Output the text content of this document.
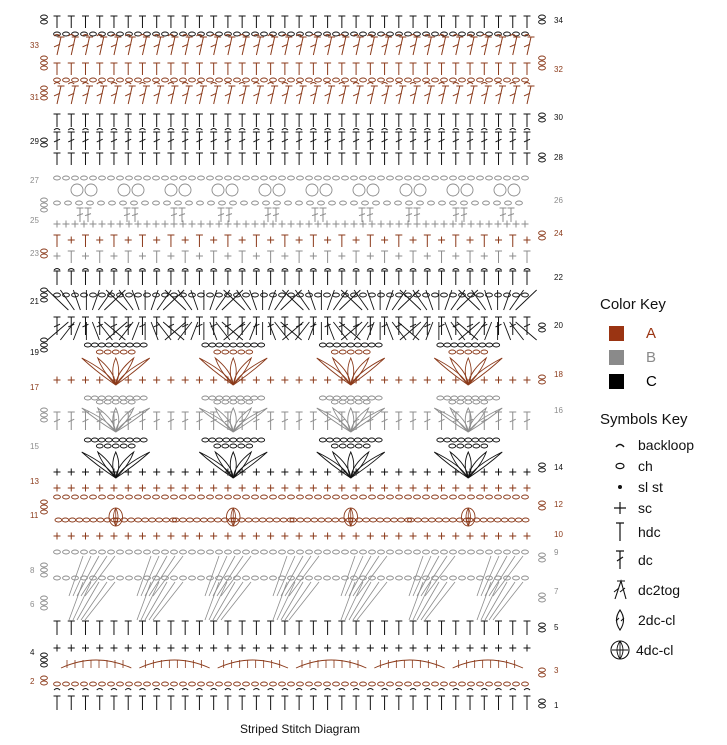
33
31
29
27
25
23
21
19
17
15
13
11
8
6
4
2
34
32
30
28
26
24
22
20
18
16
14
12
10
9
7
5
3
1
Striped Stitch Diagram
Color Key
A
B
C
Symbols Key
backloop
ch
sl st
sc
hdc
dc
dc2tog
2dc-cl
4dc-cl
